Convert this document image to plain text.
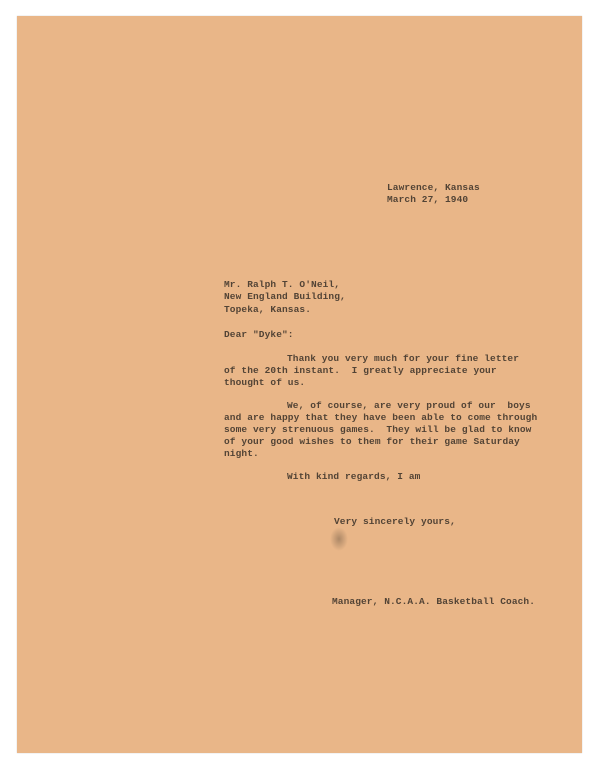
Lawrence, Kansas
March 27, 1940
Mr. Ralph T. O'Neil,
New England Building,
Topeka, Kansas.
Dear "Dyke":
Thank you very much for your fine letter
of the 20th instant.  I greatly appreciate your
thought of us.
We, of course, are very proud of our  boys
and are happy that they have been able to come through
some very strenuous games.  They will be glad to know
of your good wishes to them for their game Saturday
night.
With kind regards, I am
Very sincerely yours,
Manager, N.C.A.A. Basketball Coach.
